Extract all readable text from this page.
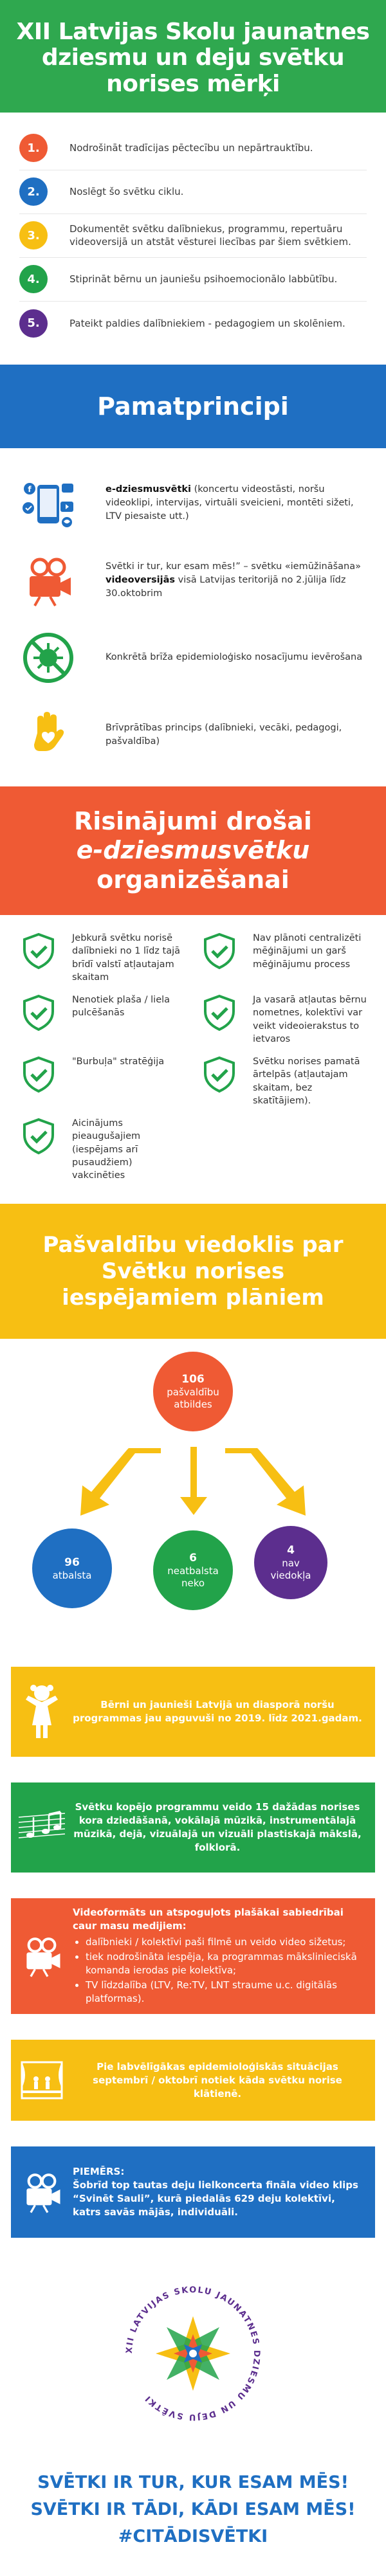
XII Latvijas Skolu jaunatnes dziesmu un deju svētku norises mērķi
1.	Nodrošināt tradīcijas pēctecību un nepārtrauktību.
2.	Noslēgt šo svētku ciklu.
3.	Dokumentēt svētku dalībniekus, programmu, repertuāru videoversijā un atstāt vēsturei liecības par šiem svētkiem.
4.	Stiprināt bērnu un jauniešu psihoemocionālo labbūtību.
5.	Pateikt paldies dalībniekiem - pedagogiem un skolēniem.
Pamatprincipi
f	e-dziesmusvētki (koncertu videostāsti, noršu videoklipi, intervijas, virtuāli sveicieni, montēti sižeti, LTV piesaiste utt.)
Svētki ir tur, kur esam mēs!” – svētku «iemūžināšana» videoversijās visā Latvijas teritorijā no 2.jūlija līdz 30.oktobrim
Konkrētā brīža epidemioloģisko nosacījumu ievērošana
Brīvprātības princips (dalībnieki, vecāki, pedagogi, pašvaldība)
Risinājumi drošai
e-dziesmusvētku
organizēšanai
Jebkurā svētku norisē dalībnieki no 1 līdz tajā brīdī valstī atļautajam skaitam
Nav plānoti centralizēti mēģinājumi un garš mēģinājumu process
Nenotiek plaša / liela pulcēšanās
Ja vasarā atļautas bērnu nometnes, kolektīvi var veikt videoierakstus to ietvaros
"Burbuļa" stratēģija	Svētku norises pamatā ārtelpās (atļautajam skaitam, bez skatītājiem).
Aicinājums pieaugušajiem (iespējams arī pusaudžiem) vakcinēties
Pašvaldību viedoklis par Svētku norises iespējamiem plāniem
106
pašvaldību atbildes
96
atbalsta
6
neatbalsta neko
4
nav viedokļa
Bērni un jaunieši Latvijā un diasporā noršu programmas jau apguvuši no 2019. līdz 2021.gadam.
Svētku kopējo programmu veido 15 dažādas norises kora dziedāšanā, vokālajā mūzikā, instrumentālajā mūzikā, dejā, vizuālajā un vizuāli plastiskajā mākslā, folklorā.
Videoformāts un atspoguļots plašākai sabiedrībai caur masu medijiem:
• dalībnieki / kolektīvi paši filmē un veido video sižetus;
• tiek nodrošināta iespēja, ka programmas mākslinieciskā komanda ierodas pie kolektīva;
• TV līdzdalība (LTV, Re:TV, LNT straume u.c. digitālās platformas).
Pie labvēlīgākas epidemioloģiskās situācijas septembrī / oktobrī notiek kāda svētku norise klātienē.
PIEMĒRS:
Šobrīd top tautas deju lielkoncerta fināla video klips “Svinēt Sauli”, kurā piedalās 629 deju kolektīvi, katrs savās mājās, individuāli.
XII LATVIJAS SKOLU JAUNATNES DZIESMU UN DEJU SVĒTKI
SVĒTKI IR TUR, KUR ESAM MĒS!
SVĒTKI IR TĀDI, KĀDI ESAM MĒS!
#CITĀDISVĒTKI
